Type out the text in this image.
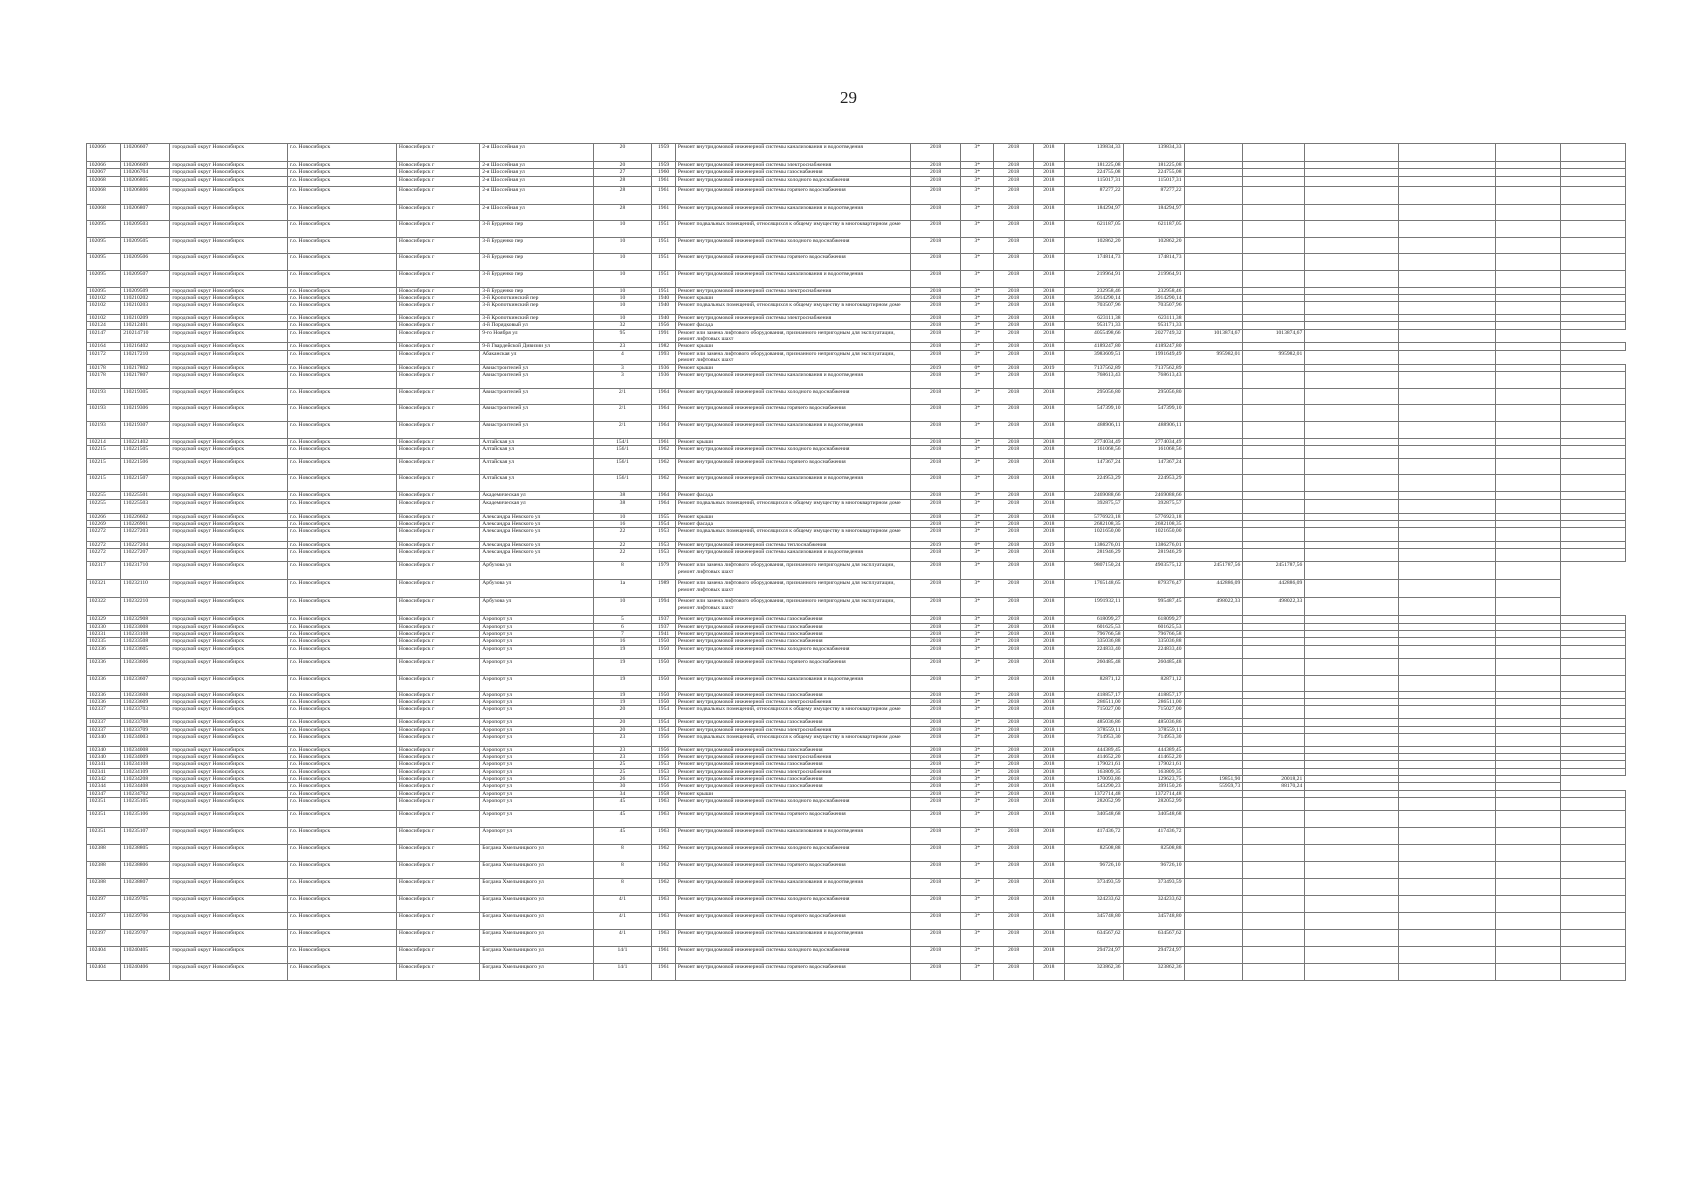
29
102066	110206607	городской округ Новосибирск	г.о. Новосибирск	Новосибирск г	2-я Шоссейная ул	20	1959	Ремонт внутридомовой инженерной системы канализования и водоотведения	2018	3*	2018	2018	139834,33	139834,33						
102066	110206609	городской округ Новосибирск	г.о. Новосибирск	Новосибирск г	2-я Шоссейная ул	20	1959	Ремонт внутридомовой инженерной системы электроснабжения	2018	3*	2018	2018	181225,08	181225,08						
102067	110206704	городской округ Новосибирск	г.о. Новосибирск	Новосибирск г	2-я Шоссейная ул	27	1960	Ремонт внутридомовой инженерной системы газоснабжения	2018	3*	2018	2018	224755,08	224755,08						
102068	110206805	городской округ Новосибирск	г.о. Новосибирск	Новосибирск г	2-я Шоссейная ул	28	1961	Ремонт внутридомовой инженерной системы холодного водоснабжения	2018	3*	2018	2018	115017,31	115017,31						
102068	110206806	городской округ Новосибирск	г.о. Новосибирск	Новосибирск г	2-я Шоссейная ул	28	1961	Ремонт внутридомовой инженерной системы горячего водоснабжения	2018	3*	2018	2018	87277,22	87277,22						
102068	110206807	городской округ Новосибирск	г.о. Новосибирск	Новосибирск г	2-я Шоссейная ул	28	1961	Ремонт внутридомовой инженерной системы канализования и водоотведения	2018	3*	2018	2018	184294,97	184294,97						
102095	110209503	городской округ Новосибирск	г.о. Новосибирск	Новосибирск г	3-й Бурденко пер	10	1951	Ремонт подвальных помещений, относящихся к общему имуществу в многоквартирном доме	2018	3*	2018	2018	621187,05	621187,05						
102095	110209505	городской округ Новосибирск	г.о. Новосибирск	Новосибирск г	3-й Бурденко пер	10	1951	Ремонт внутридомовой инженерной системы холодного водоснабжения	2018	3*	2018	2018	102862,20	102862,20						
102095	110209506	городской округ Новосибирск	г.о. Новосибирск	Новосибирск г	3-й Бурденко пер	10	1951	Ремонт внутридомовой инженерной системы горячего водоснабжения	2018	3*	2018	2018	174814,73	174814,73						
102095	110209507	городской округ Новосибирск	г.о. Новосибирск	Новосибирск г	3-й Бурденко пер	10	1951	Ремонт внутридомовой инженерной системы канализования и водоотведения	2018	3*	2018	2018	219964,91	219964,91						
102095	110209509	городской округ Новосибирск	г.о. Новосибирск	Новосибирск г	3-й Бурденко пер	10	1951	Ремонт внутридомовой инженерной системы электроснабжения	2018	3*	2018	2018	232958,46	232958,46						
102102	110210202	городской округ Новосибирск	г.о. Новосибирск	Новосибирск г	3-й Кропоткинский пер	10	1940	Ремонт крыши	2018	3*	2018	2018	3914290,14	3914290,14						
102102	110210203	городской округ Новосибирск	г.о. Новосибирск	Новосибирск г	3-й Кропоткинский пер	10	1940	Ремонт подвальных помещений, относящихся к общему имуществу в многоквартирном доме	2018	3*	2018	2018	703507,96	703507,96						
102102	110210209	городской округ Новосибирск	г.о. Новосибирск	Новосибирск г	3-й Кропоткинский пер	10	1940	Ремонт внутридомовой инженерной системы электроснабжения	2018	3*	2018	2018	623111,38	623111,38						
102124	110212401	городской округ Новосибирск	г.о. Новосибирск	Новосибирск г	4-й Порядковый ул	32	1956	Ремонт фасада	2018	3*	2018	2018	953171,33	953171,33						
102147	210214710	городской округ Новосибирск	г.о. Новосибирск	Новосибирск г	9-го Ноября ул	95	1991	Ремонт или замена лифтового оборудования, признанного непригодным для эксплуатации, ремонт лифтовых шахт	2018	3*	2018	2018	4055498,66	2027749,32	1013874,67	1013874,67				
102164	110216402	городской округ Новосибирск	г.о. Новосибирск	Новосибирск г	9-й Гвардейской Дивизии ул	23	1982	Ремонт крыши	2018	3*	2018	2018	4189247,80	4189247,80						
102172	110217210	городской округ Новосибирск	г.о. Новосибирск	Новосибирск г	Абаканская ул	4	1993	Ремонт или замена лифтового оборудования, признанного непригодным для эксплуатации, ремонт лифтовых шахт	2018	3*	2018	2018	3983609,51	1991649,49	995982,01	995982,01				
102178	110217802	городской округ Новосибирск	г.о. Новосибирск	Новосибирск г	Авиастроителей ул	3	1936	Ремонт крыши	2019	0*	2018	2019	7137562,89	7137562,89						
102178	110217807	городской округ Новосибирск	г.о. Новосибирск	Новосибирск г	Авиастроителей ул	3	1936	Ремонт внутридомовой инженерной системы канализования и водоотведения	2018	3*	2018	2018	768613,43	768613,43						
102193	110219305	городской округ Новосибирск	г.о. Новосибирск	Новосибирск г	Авиастроителей ул	2/1	1964	Ремонт внутридомовой инженерной системы холодного водоснабжения	2018	3*	2018	2018	295056,80	295056,80						
102193	110219306	городской округ Новосибирск	г.о. Новосибирск	Новосибирск г	Авиастроителей ул	2/1	1964	Ремонт внутридомовой инженерной системы горячего водоснабжения	2018	3*	2018	2018	547399,10	547399,10						
102193	110219307	городской округ Новосибирск	г.о. Новосибирск	Новосибирск г	Авиастроителей ул	2/1	1964	Ремонт внутридомовой инженерной системы канализования и водоотведения	2018	3*	2018	2018	488906,11	488906,11						
102214	110221402	городской округ Новосибирск	г.о. Новосибирск	Новосибирск г	Алтайская ул	154/1	1961	Ремонт крыши	2018	3*	2018	2018	2774034,49	2774034,49						
102215	110221505	городской округ Новосибирск	г.о. Новосибирск	Новосибирск г	Алтайская ул	156/1	1962	Ремонт внутридомовой инженерной системы холодного водоснабжения	2018	3*	2018	2018	161068,56	161068,56						
102215	110221506	городской округ Новосибирск	г.о. Новосибирск	Новосибирск г	Алтайская ул	156/1	1962	Ремонт внутридомовой инженерной системы горячего водоснабжения	2018	3*	2018	2018	147367,24	147367,24						
102215	110221507	городской округ Новосибирск	г.о. Новосибирск	Новосибирск г	Алтайская ул	156/1	1962	Ремонт внутридомовой инженерной системы канализования и водоотведения	2018	3*	2018	2018	224953,29	224953,29						
102255	110225501	городской округ Новосибирск	г.о. Новосибирск	Новосибирск г	Академическая ул	38	1964	Ремонт фасада	2018	3*	2018	2018	2469088,66	2469088,66						
102255	110225503	городской округ Новосибирск	г.о. Новосибирск	Новосибирск г	Академическая ул	38	1964	Ремонт подвальных помещений, относящихся к общему имуществу в многоквартирном доме	2018	3*	2018	2018	392875,57	392875,57						
102266	110226602	городской округ Новосибирск	г.о. Новосибирск	Новосибирск г	Александра Невского ул	10	1955	Ремонт крыши	2018	3*	2018	2018	5776923,18	5776923,18						
102269	110226901	городской округ Новосибирск	г.о. Новосибирск	Новосибирск г	Александра Невского ул	16	1954	Ремонт фасада	2018	3*	2018	2018	2682108,35	2682108,35						
102272	110227203	городской округ Новосибирск	г.о. Новосибирск	Новосибирск г	Александра Невского ул	22	1953	Ремонт подвальных помещений, относящихся к общему имуществу в многоквартирном доме	2018	3*	2018	2018	1021650,00	1021650,00						
102272	110227204	городской округ Новосибирск	г.о. Новосибирск	Новосибирск г	Александра Невского ул	22	1953	Ремонт внутридомовой инженерной системы теплоснабжения	2019	0*	2018	2019	1386276,01	1386276,01						
102272	110227207	городской округ Новосибирск	г.о. Новосибирск	Новосибирск г	Александра Невского ул	22	1953	Ремонт внутридомовой инженерной системы канализования и водоотведения	2018	3*	2018	2018	281946,29	281946,29						
102317	110231710	городской округ Новосибирск	г.о. Новосибирск	Новосибирск г	Арбузова ул	8	1979	Ремонт или замена лифтового оборудования, признанного непригодным для эксплуатации, ремонт лифтовых шахт	2018	3*	2018	2018	9807150,24	4903575,12	2451787,56	2451787,56				
102321	110232110	городской округ Новосибирск	г.о. Новосибирск	Новосибирск г	Арбузова ул	1а	1989	Ремонт или замена лифтового оборудования, признанного непригодным для эксплуатации, ремонт лифтовых шахт	2018	3*	2018	2018	1765148,65	879376,47	442886,09	442886,09				
102322	110232210	городской округ Новосибирск	г.о. Новосибирск	Новосибирск г	Арбузова ул	10	1994	Ремонт или замена лифтового оборудования, признанного непригодным для эксплуатации, ремонт лифтовых шахт	2018	3*	2018	2018	1991932,11	995487,45	498022,33	498022,33				
102329	110232908	городской округ Новосибирск	г.о. Новосибирск	Новосибирск г	Аэропорт ул	5	1937	Ремонт внутридомовой инженерной системы газоснабжения	2018	3*	2018	2018	618099,27	618099,27						
102330	110233008	городской округ Новосибирск	г.о. Новосибирск	Новосибирск г	Аэропорт ул	6	1937	Ремонт внутридомовой инженерной системы газоснабжения	2018	3*	2018	2018	601625,53	601625,53						
102331	110233108	городской округ Новосибирск	г.о. Новосибирск	Новосибирск г	Аэропорт ул	7	1941	Ремонт внутридомовой инженерной системы газоснабжения	2018	3*	2018	2018	796766,58	796766,58						
102335	110233508	городской округ Новосибирск	г.о. Новосибирск	Новосибирск г	Аэропорт ул	16	1950	Ремонт внутридомовой инженерной системы газоснабжения	2018	3*	2018	2018	335036,88	335036,88						
102336	110233605	городской округ Новосибирск	г.о. Новосибирск	Новосибирск г	Аэропорт ул	19	1950	Ремонт внутридомовой инженерной системы холодного водоснабжения	2018	3*	2018	2018	224833,40	224833,40						
102336	110233606	городской округ Новосибирск	г.о. Новосибирск	Новосибирск г	Аэропорт ул	19	1950	Ремонт внутридомовой инженерной системы горячего водоснабжения	2018	3*	2018	2018	260485,48	260485,48						
102336	110233607	городской округ Новосибирск	г.о. Новосибирск	Новосибирск г	Аэропорт ул	19	1950	Ремонт внутридомовой инженерной системы канализования и водоотведения	2018	3*	2018	2018	82871,12	82871,12						
102336	110233608	городской округ Новосибирск	г.о. Новосибирск	Новосибирск г	Аэропорт ул	19	1950	Ремонт внутридомовой инженерной системы газоснабжения	2018	3*	2018	2018	418857,17	418857,17						
102336	110233609	городской округ Новосибирск	г.о. Новосибирск	Новосибирск г	Аэропорт ул	19	1950	Ремонт внутридомовой инженерной системы электроснабжения	2018	3*	2018	2018	286511,00	286511,00						
102337	110233703	городской округ Новосибирск	г.о. Новосибирск	Новосибирск г	Аэропорт ул	20	1954	Ремонт подвальных помещений, относящихся к общему имуществу в многоквартирном доме	2018	3*	2018	2018	715027,00	715027,00						
102337	110233708	городской округ Новосибирск	г.о. Новосибирск	Новосибирск г	Аэропорт ул	20	1954	Ремонт внутридомовой инженерной системы газоснабжения	2018	3*	2018	2018	485036,86	485036,86						
102337	110233709	городской округ Новосибирск	г.о. Новосибирск	Новосибирск г	Аэропорт ул	20	1954	Ремонт внутридомовой инженерной системы электроснабжения	2018	3*	2018	2018	378559,11	378559,11						
102340	110234003	городской округ Новосибирск	г.о. Новосибирск	Новосибирск г	Аэропорт ул	23	1956	Ремонт подвальных помещений, относящихся к общему имуществу в многоквартирном доме	2018	3*	2018	2018	714953,30	714953,30						
102340	110234008	городской округ Новосибирск	г.о. Новосибирск	Новосибирск г	Аэропорт ул	23	1956	Ремонт внутридомовой инженерной системы газоснабжения	2018	3*	2018	2018	444389,45	444389,45						
102340	110234009	городской округ Новосибирск	г.о. Новосибирск	Новосибирск г	Аэропорт ул	23	1956	Ремонт внутридомовой инженерной системы электроснабжения	2018	3*	2018	2018	414652,20	414652,20						
102341	110234108	городской округ Новосибирск	г.о. Новосибирск	Новосибирск г	Аэропорт ул	25	1953	Ремонт внутридомовой инженерной системы газоснабжения	2018	3*	2018	2018	179021,61	179021,61						
102341	110234109	городской округ Новосибирск	г.о. Новосибирск	Новосибирск г	Аэропорт ул	25	1953	Ремонт внутридомовой инженерной системы электроснабжения	2018	3*	2018	2018	163809,35	163809,35						
102342	110234208	городской округ Новосибирск	г.о. Новосибирск	Новосибирск г	Аэропорт ул	26	1953	Ремонт внутридомовой инженерной системы газоснабжения	2018	3*	2018	2018	170093,86	129623,75	19851,90	20018,21				
102344	110234408	городской округ Новосибирск	г.о. Новосибирск	Новосибирск г	Аэропорт ул	30	1956	Ремонт внутридомовой инженерной системы газоснабжения	2018	3*	2018	2018	543290,23	399150,26	55959,73	88170,24				
102347	110234702	городской округ Новосибирск	г.о. Новосибирск	Новосибирск г	Аэропорт ул	34	1958	Ремонт крыши	2018	3*	2018	2018	1372714,48	1372714,48						
102351	110235105	городской округ Новосибирск	г.о. Новосибирск	Новосибирск г	Аэропорт ул	45	1963	Ремонт внутридомовой инженерной системы холодного водоснабжения	2018	3*	2018	2018	282052,99	282052,99						
102351	110235106	городской округ Новосибирск	г.о. Новосибирск	Новосибирск г	Аэропорт ул	45	1963	Ремонт внутридомовой инженерной системы горячего водоснабжения	2018	3*	2018	2018	340548,68	340548,68						
102351	110235107	городской округ Новосибирск	г.о. Новосибирск	Новосибирск г	Аэропорт ул	45	1963	Ремонт внутридомовой инженерной системы канализования и водоотведения	2018	3*	2018	2018	417436,72	417436,72						
102388	110238805	городской округ Новосибирск	г.о. Новосибирск	Новосибирск г	Богдана Хмельницкого ул	8	1962	Ремонт внутридомовой инженерной системы холодного водоснабжения	2018	3*	2018	2018	82508,88	82508,88						
102388	110238806	городской округ Новосибирск	г.о. Новосибирск	Новосибирск г	Богдана Хмельницкого ул	8	1962	Ремонт внутридомовой инженерной системы горячего водоснабжения	2018	3*	2018	2018	96726,10	96726,10						
102388	110238807	городской округ Новосибирск	г.о. Новосибирск	Новосибирск г	Богдана Хмельницкого ул	8	1962	Ремонт внутридомовой инженерной системы канализования и водоотведения	2018	3*	2018	2018	373493,59	373493,59						
102397	110239705	городской округ Новосибирск	г.о. Новосибирск	Новосибирск г	Богдана Хмельницкого ул	4/1	1963	Ремонт внутридомовой инженерной системы холодного водоснабжения	2018	3*	2018	2018	324233,62	324233,62						
102397	110239706	городской округ Новосибирск	г.о. Новосибирск	Новосибирск г	Богдана Хмельницкого ул	4/1	1963	Ремонт внутридомовой инженерной системы горячего водоснабжения	2018	3*	2018	2018	345748,80	345748,80						
102397	110239707	городской округ Новосибирск	г.о. Новосибирск	Новосибирск г	Богдана Хмельницкого ул	4/1	1963	Ремонт внутридомовой инженерной системы канализования и водоотведения	2018	3*	2018	2018	634567,62	634567,62						
102404	110240405	городской округ Новосибирск	г.о. Новосибирск	Новосибирск г	Богдана Хмельницкого ул	14/1	1961	Ремонт внутридомовой инженерной системы холодного водоснабжения	2018	3*	2018	2018	294724,97	294724,97						
102404	110240406	городской округ Новосибирск	г.о. Новосибирск	Новосибирск г	Богдана Хмельницкого ул	14/1	1961	Ремонт внутридомовой инженерной системы горячего водоснабжения	2018	3*	2018	2018	323862,36	323862,36						
